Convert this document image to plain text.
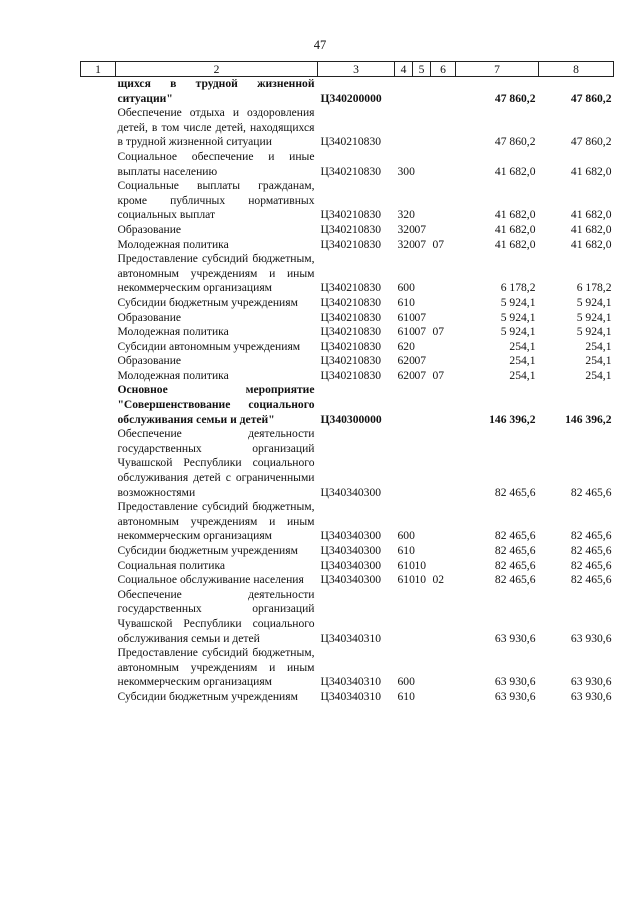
47
1	2	3	4	5	6	7	8
щихся в трудной жизненной ситуации"		Ц340200000				47 860,2	47 860,2
Обеспечение отдыха и оздоровления детей, в том числе детей, находящихся в трудной жизненной ситуации		Ц340210830				47 860,2	47 860,2
Социальное обеспечение и иные выплаты населению		Ц340210830	300			41 682,0	41 682,0
Социальные выплаты гражданам, кроме публичных нормативных социальных выплат		Ц340210830	320			41 682,0	41 682,0
Образование		Ц340210830	320	07		41 682,0	41 682,0
Молодежная политика		Ц340210830	320	07	07	41 682,0	41 682,0
Предоставление субсидий бюджетным, автономным учреждениям и иным некоммерческим организациям		Ц340210830	600			6 178,2	6 178,2
Субсидии бюджетным учреждениям		Ц340210830	610			5 924,1	5 924,1
Образование		Ц340210830	610	07		5 924,1	5 924,1
Молодежная политика		Ц340210830	610	07	07	5 924,1	5 924,1
Субсидии автономным учреждениям		Ц340210830	620			254,1	254,1
Образование		Ц340210830	620	07		254,1	254,1
Молодежная политика		Ц340210830	620	07	07	254,1	254,1
Основное мероприятие "Совершенствование социального обслуживания семьи и детей"		Ц340300000				146 396,2	146 396,2
Обеспечение деятельности государственных организаций Чувашской Республики социального обслуживания детей с ограниченными возможностями		Ц340340300				82 465,6	82 465,6
Предоставление субсидий бюджетным, автономным учреждениям и иным некоммерческим организациям		Ц340340300	600			82 465,6	82 465,6
Субсидии бюджетным учреждениям		Ц340340300	610			82 465,6	82 465,6
Социальная политика		Ц340340300	610	10		82 465,6	82 465,6
Социальное обслуживание населения		Ц340340300	610	10	02	82 465,6	82 465,6
Обеспечение деятельности государственных организаций Чувашской Республики социального обслуживания семьи и детей		Ц340340310				63 930,6	63 930,6
Предоставление субсидий бюджетным, автономным учреждениям и иным некоммерческим организациям		Ц340340310	600			63 930,6	63 930,6
Субсидии бюджетным учреждениям		Ц340340310	610			63 930,6	63 930,6
